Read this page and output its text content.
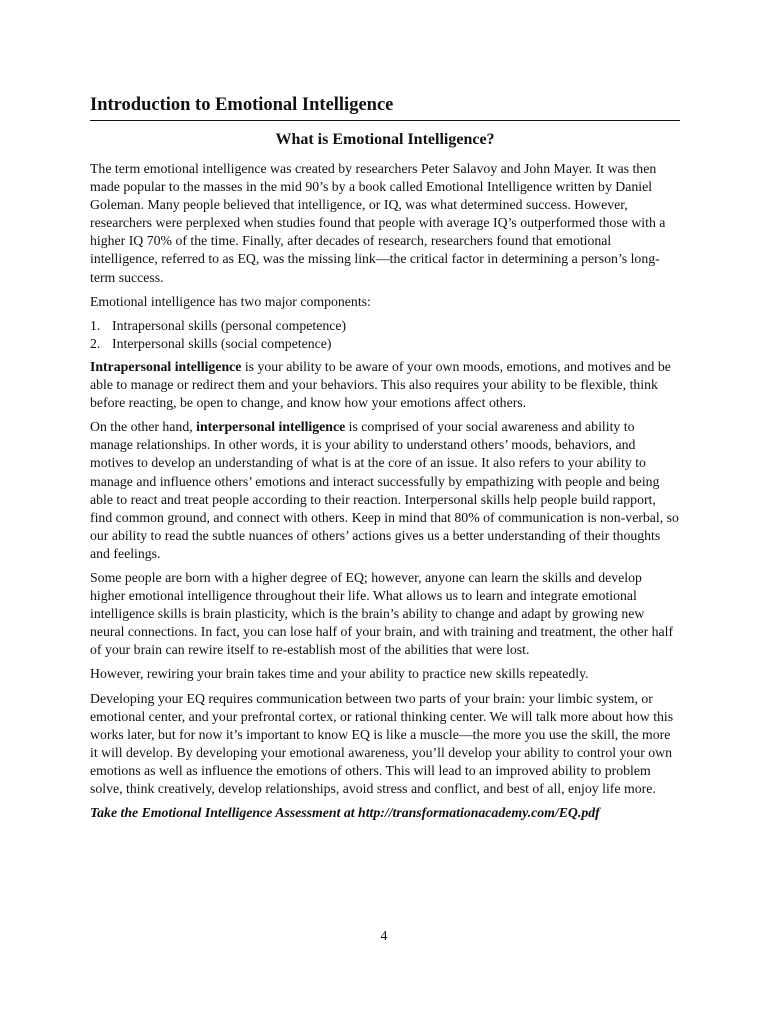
Introduction to Emotional Intelligence
What is Emotional Intelligence?

The term emotional intelligence was created by researchers Peter Salavoy and John Mayer. It was then made popular to the masses in the mid 90’s by a book called Emotional Intelligence written by Daniel Goleman. Many people believed that intelligence, or IQ, was what determined success. However, researchers were perplexed when studies found that people with average IQ’s outperformed those with a higher IQ 70% of the time. Finally, after decades of research, researchers found that emotional intelligence, referred to as EQ, was the missing link—the critical factor in determining a person’s long-term success.

Emotional intelligence has two major components:

1. Intrapersonal skills (personal competence)
2. Interpersonal skills (social competence)

Intrapersonal intelligence is your ability to be aware of your own moods, emotions, and motives and be able to manage or redirect them and your behaviors. This also requires your ability to be flexible, think before reacting, be open to change, and know how your emotions affect others.

On the other hand, interpersonal intelligence is comprised of your social awareness and ability to manage relationships. In other words, it is your ability to understand others’ moods, behaviors, and motives to develop an understanding of what is at the core of an issue. It also refers to your ability to manage and influence others’ emotions and interact successfully by empathizing with people and being able to react and treat people according to their reaction. Interpersonal skills help people build rapport, find common ground, and connect with others. Keep in mind that 80% of communication is non-verbal, so our ability to read the subtle nuances of others’ actions gives us a better understanding of their thoughts and feelings.

Some people are born with a higher degree of EQ; however, anyone can learn the skills and develop higher emotional intelligence throughout their life. What allows us to learn and integrate emotional intelligence skills is brain plasticity, which is the brain’s ability to change and adapt by growing new neural connections. In fact, you can lose half of your brain, and with training and treatment, the other half of your brain can rewire itself to re-establish most of the abilities that were lost.

However, rewiring your brain takes time and your ability to practice new skills repeatedly.

Developing your EQ requires communication between two parts of your brain: your limbic system, or emotional center, and your prefrontal cortex, or rational thinking center. We will talk more about how this works later, but for now it’s important to know EQ is like a muscle—the more you use the skill, the more it will develop. By developing your emotional awareness, you’ll develop your ability to control your own emotions as well as influence the emotions of others. This will lead to an improved ability to problem solve, think creatively, develop relationships, avoid stress and conflict, and best of all, enjoy life more.

Take the Emotional Intelligence Assessment at http://transformationacademy.com/EQ.pdf

4
